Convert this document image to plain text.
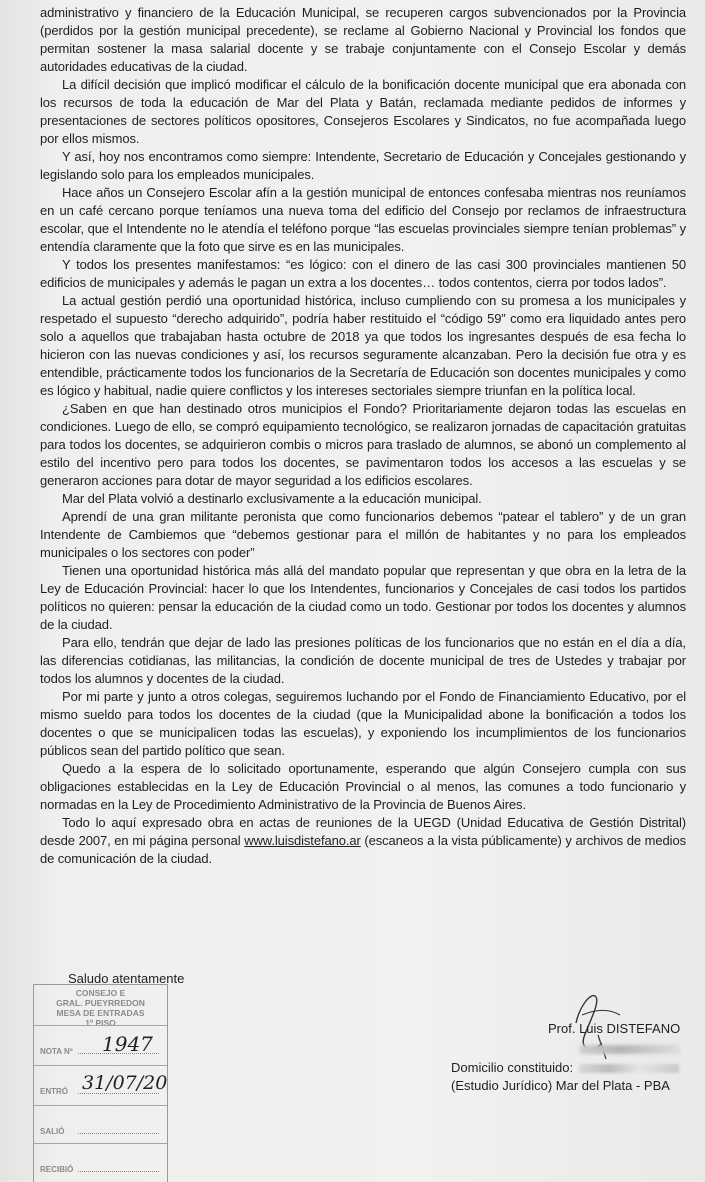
administrativo y financiero de la Educación Municipal, se recuperen cargos subvencionados por la Provincia (perdidos por la gestión municipal precedente), se reclame al Gobierno Nacional y Provincial los fondos que permitan sostener la masa salarial docente y se trabaje conjuntamente con el Consejo Escolar y demás autoridades educativas de la ciudad.

La difícil decisión que implicó modificar el cálculo de la bonificación docente municipal que era abonada con los recursos de toda la educación de Mar del Plata y Batán, reclamada mediante pedidos de informes y presentaciones de sectores políticos opositores, Consejeros Escolares y Sindicatos, no fue acompañada luego por ellos mismos.

Y así, hoy nos encontramos como siempre: Intendente, Secretario de Educación y Concejales gestionando y legislando solo para los empleados municipales.

Hace años un Consejero Escolar afín a la gestión municipal de entonces confesaba mientras nos reuníamos en un café cercano porque teníamos una nueva toma del edificio del Consejo por reclamos de infraestructura escolar, que el Intendente no le atendía el teléfono porque “las escuelas provinciales siempre tenían problemas” y entendía claramente que la foto que sirve es en las municipales.

Y todos los presentes manifestamos: “es lógico: con el dinero de las casi 300 provinciales mantienen 50 edificios de municipales y además le pagan un extra a los docentes… todos contentos, cierra por todos lados”.

La actual gestión perdió una oportunidad histórica, incluso cumpliendo con su promesa a los municipales y respetado el supuesto “derecho adquirido”, podría haber restituido el “código 59” como era liquidado antes pero solo a aquellos que trabajaban hasta octubre de 2018 ya que todos los ingresantes después de esa fecha lo hicieron con las nuevas condiciones y así, los recursos seguramente alcanzaban. Pero la decisión fue otra y es entendible, prácticamente todos los funcionarios de la Secretaría de Educación son docentes municipales y como es lógico y habitual, nadie quiere conflictos y los intereses sectoriales siempre triunfan en la política local.

¿Saben en que han destinado otros municipios el Fondo? Prioritariamente dejaron todas las escuelas en condiciones. Luego de ello, se compró equipamiento tecnológico, se realizaron jornadas de capacitación gratuitas para todos los docentes, se adquirieron combis o micros para traslado de alumnos, se abonó un complemento al estilo del incentivo pero para todos los docentes, se pavimentaron todos los accesos a las escuelas y se generaron acciones para dotar de mayor seguridad a los edificios escolares.

Mar del Plata volvió a destinarlo exclusivamente a la educación municipal.

Aprendí de una gran militante peronista que como funcionarios debemos “patear el tablero” y de un gran Intendente de Cambiemos que “debemos gestionar para el millón de habitantes y no para los empleados municipales o los sectores con poder”

Tienen una oportunidad histórica más allá del mandato popular que representan y que obra en la letra de la Ley de Educación Provincial: hacer lo que los Intendentes, funcionarios y Concejales de casi todos los partidos políticos no quieren: pensar la educación de la ciudad como un todo. Gestionar por todos los docentes y alumnos de la ciudad.

Para ello, tendrán que dejar de lado las presiones políticas de los funcionarios que no están en el día a día, las diferencias cotidianas, las militancias, la condición de docente municipal de tres de Ustedes y trabajar por todos los alumnos y docentes de la ciudad.

Por mi parte y junto a otros colegas, seguiremos luchando por el Fondo de Financiamiento Educativo, por el mismo sueldo para todos los docentes de la ciudad (que la Municipalidad abone la bonificación a todos los docentes o que se municipalicen todas las escuelas), y exponiendo los incumplimientos de los funcionarios públicos sean del partido político que sean.

Quedo a la espera de lo solicitado oportunamente, esperando que algún Consejero cumpla con sus obligaciones establecidas en la Ley de Educación Provincial o al menos, las comunes a todo funcionario y normadas en la Ley de Procedimiento Administrativo de la Provincia de Buenos Aires.

Todo lo aquí expresado obra en actas de reuniones de la UEGD (Unidad Educativa de Gestión Distrital) desde 2007, en mi página personal www.luisdistefano.ar (escaneos a la vista públicamente) y archivos de medios de comunicación de la ciudad.

Saludo atentamente
CONSEJO E
GRAL. PUEYRREDON
MESA DE ENTRADAS
1º PISO
NOTA Nº 1947
ENTRÓ 31/07/20
SALIÓ
RECIBIÓ
Prof. Luis DISTEFANO
Domicilio constituido:
(Estudio Jurídico) Mar del Plata - PBA
